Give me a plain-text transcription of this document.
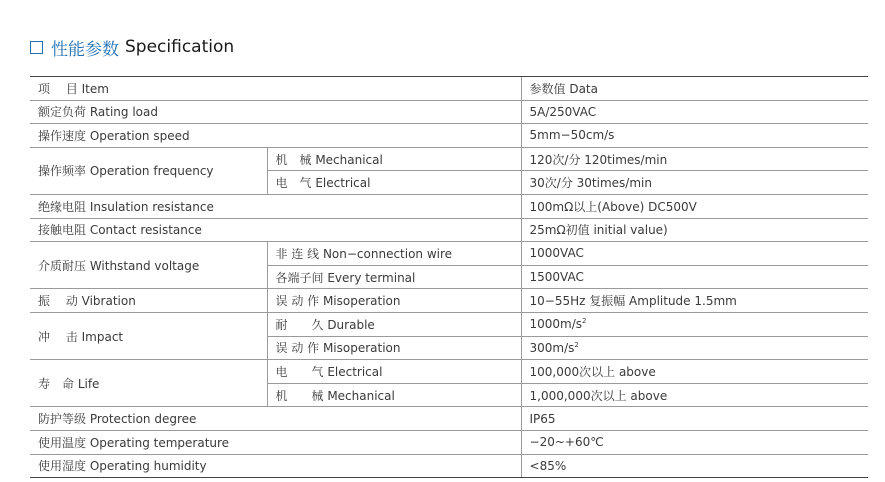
性能参数 Specification
项　 目 Item		参数值 Data
额定负荷 Rating load		5A/250VAC
操作速度 Operation speed		5mm−50cm/s
操作频率 Operation frequency	机　械 Mechanical	120次/分 120times/min
	电　气 Electrical	30次/分 30times/min
绝缘电阻 Insulation resistance		100mΩ以上(Above) DC500V
接触电阻 Contact resistance		25mΩ初值 initial value)
介质耐压 Withstand voltage	非 连 线 Non−connection wire	1000VAC
	各端子间 Every terminal	1500VAC
振　 动 Vibration	误 动 作 Misoperation	10−55Hz 复振幅 Amplitude 1.5mm
冲　 击 Impact	耐　　久 Durable	$1000m/s^2$
	误 动 作 Misoperation	$300m/s^2$
寿　命 Life	电　　气 Electrical	100,000次以上 above
	机　　械 Mechanical	1,000,000次以上 above
防护等级 Protection degree		IP65
使用温度 Operating temperature		−20~+60℃
使用湿度 Operating humidity		<85%
